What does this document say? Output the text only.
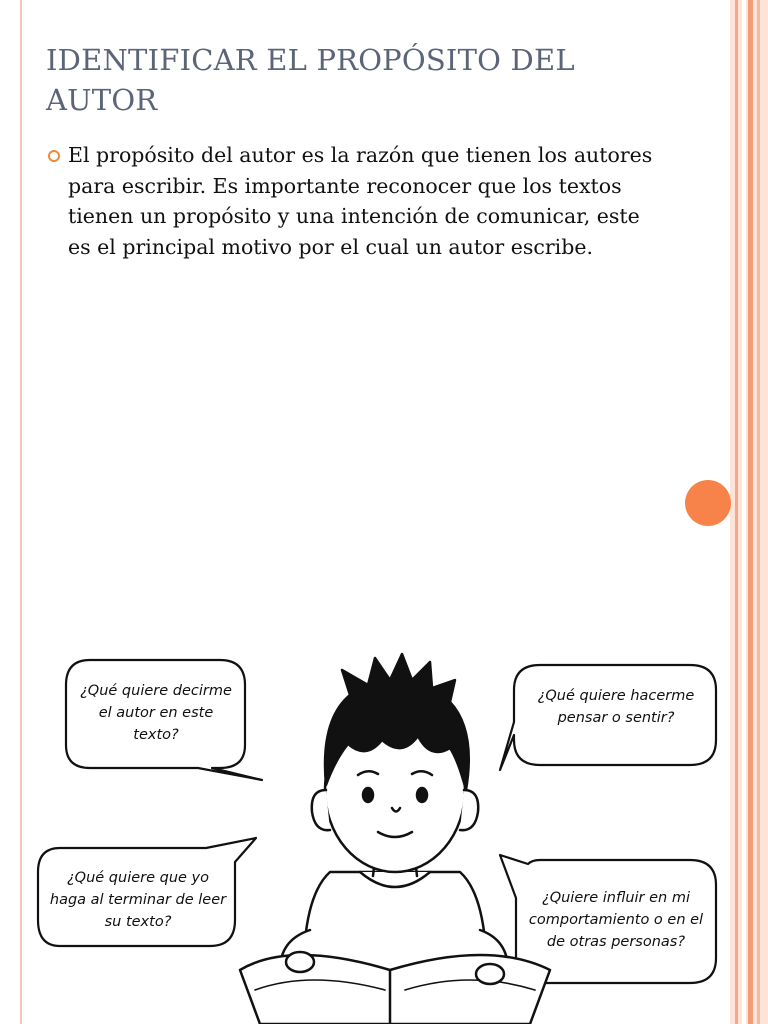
IDENTIFICAR EL PROPÓSITO DEL AUTOR
El propósito del autor es la razón que tienen los autores para escribir. Es importante reconocer que los textos tienen un propósito y una intención de comunicar, este es el principal motivo por el cual un autor escribe.
¿Qué quiere decirme
el autor en este
texto?
¿Qué quiere hacerme
pensar o sentir?
¿Qué quiere que yo
haga al terminar de leer
su texto?
¿Quiere influir en mi
comportamiento o en el
de otras personas?
